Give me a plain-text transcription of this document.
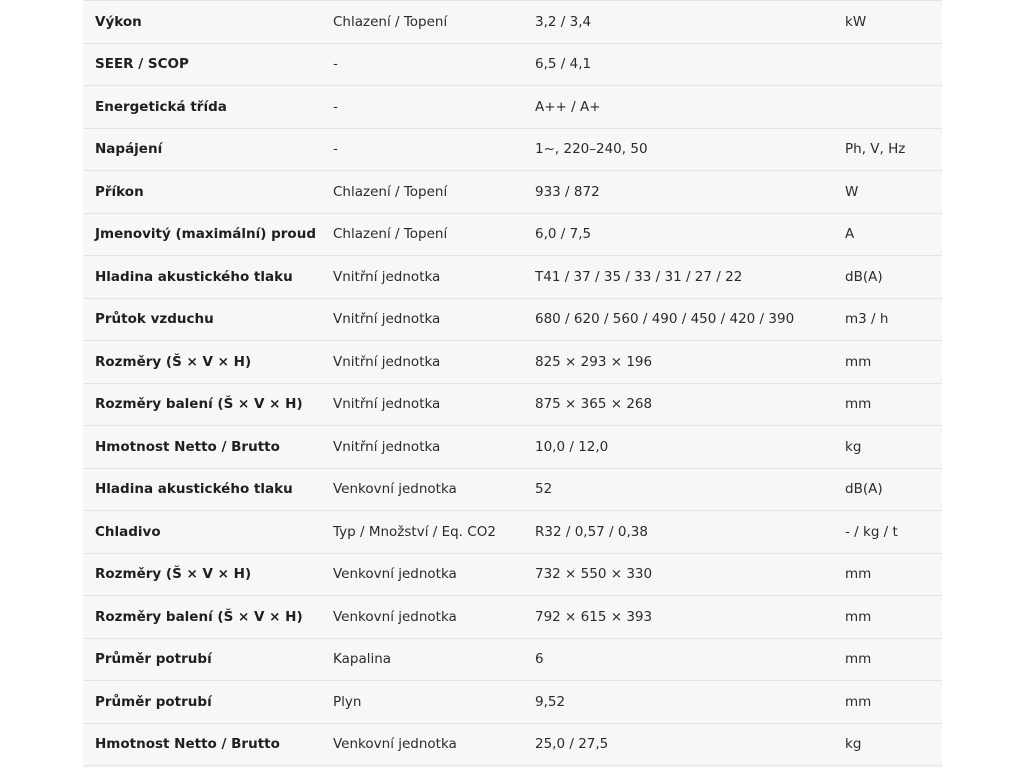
Výkon	Chlazení / Topení	3,2 / 3,4	kW
SEER / SCOP	-	6,5 / 4,1	
Energetická třída	-	A++ / A+	
Napájení	-	1~, 220–240, 50	Ph, V, Hz
Příkon	Chlazení / Topení	933 / 872	W
Jmenovitý (maximální) proud	Chlazení / Topení	6,0 / 7,5	A
Hladina akustického tlaku	Vnitřní jednotka	T41 / 37 / 35 / 33 / 31 / 27 / 22	dB(A)
Průtok vzduchu	Vnitřní jednotka	680 / 620 / 560 / 490 / 450 / 420 / 390	m3 / h
Rozměry (Š × V × H)	Vnitřní jednotka	825 × 293 × 196	mm
Rozměry balení (Š × V × H)	Vnitřní jednotka	875 × 365 × 268	mm
Hmotnost Netto / Brutto	Vnitřní jednotka	10,0 / 12,0	kg
Hladina akustického tlaku	Venkovní jednotka	52	dB(A)
Chladivo	Typ / Množství / Eq. CO2	R32 / 0,57 / 0,38	- / kg / t
Rozměry (Š × V × H)	Venkovní jednotka	732 × 550 × 330	mm
Rozměry balení (Š × V × H)	Venkovní jednotka	792 × 615 × 393	mm
Průměr potrubí	Kapalina	6	mm
Průměr potrubí	Plyn	9,52	mm
Hmotnost Netto / Brutto	Venkovní jednotka	25,0 / 27,5	kg
